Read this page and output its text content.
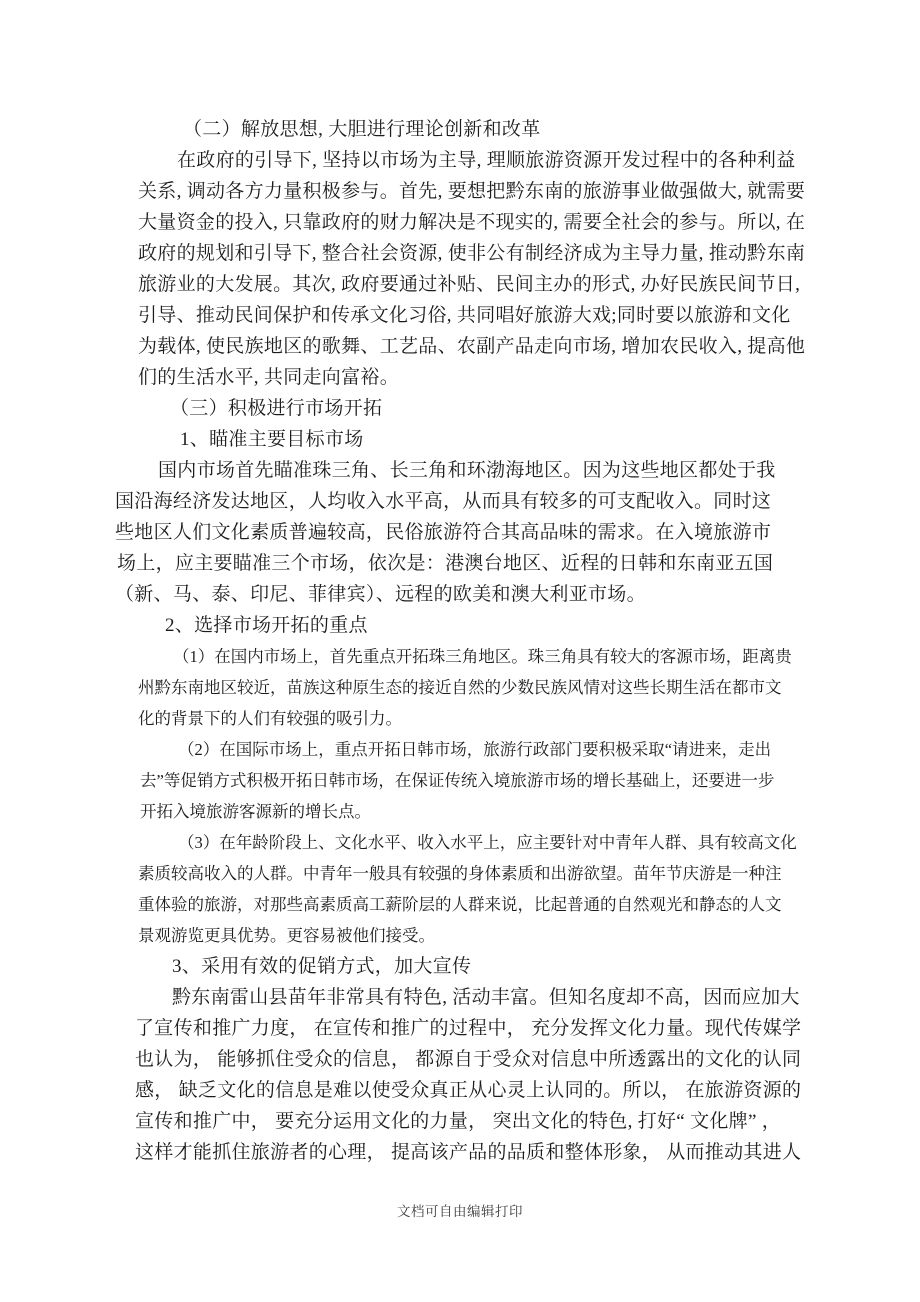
（二）解放思想, 大胆进行理论创新和改革
在政府的引导下, 坚持以市场为主导, 理顺旅游资源开发过程中的各种利益
关系, 调动各方力量积极参与。首先, 要想把黔东南的旅游事业做强做大, 就需要
大量资金的投入, 只靠政府的财力解决是不现实的, 需要全社会的参与。所以, 在
政府的规划和引导下, 整合社会资源, 使非公有制经济成为主导力量, 推动黔东南
旅游业的大发展。其次, 政府要通过补贴、民间主办的形式, 办好民族民间节日,
引导、推动民间保护和传承文化习俗, 共同唱好旅游大戏;同时要以旅游和文化
为载体, 使民族地区的歌舞、工艺品、农副产品走向市场, 增加农民收入, 提高他
们的生活水平, 共同走向富裕。
（三）积极进行市场开拓
1、瞄准主要目标市场
国内市场首先瞄准珠三角、长三角和环渤海地区。因为这些地区都处于我
国沿海经济发达地区，人均收入水平高，从而具有较多的可支配收入。同时这
些地区人们文化素质普遍较高，民俗旅游符合其高品味的需求。在入境旅游市
场上，应主要瞄准三个市场，依次是：港澳台地区、近程的日韩和东南亚五国
（新、马、泰、印尼、菲律宾）、远程的欧美和澳大利亚市场。
2、选择市场开拓的重点
（1）在国内市场上，首先重点开拓珠三角地区。珠三角具有较大的客源市场，距离贵
州黔东南地区较近，苗族这种原生态的接近自然的少数民族风情对这些长期生活在都市文
化的背景下的人们有较强的吸引力。
（2）在国际市场上，重点开拓日韩市场，旅游行政部门要积极采取“请进来，走出
去”等促销方式积极开拓日韩市场，在保证传统入境旅游市场的增长基础上，还要进一步
开拓入境旅游客源新的增长点。
（3）在年龄阶段上、文化水平、收入水平上，应主要针对中青年人群、具有较高文化
素质较高收入的人群。中青年一般具有较强的身体素质和出游欲望。苗年节庆游是一种注
重体验的旅游，对那些高素质高工薪阶层的人群来说，比起普通的自然观光和静态的人文
景观游览更具优势。更容易被他们接受。
3、采用有效的促销方式，加大宣传
黔东南雷山县苗年非常具有特色, 活动丰富。但知名度却不高，因而应加大
了宣传和推广力度， 在宣传和推广的过程中， 充分发挥文化力量。现代传媒学
也认为， 能够抓住受众的信息， 都源自于受众对信息中所透露出的文化的认同
感， 缺乏文化的信息是难以使受众真正从心灵上认同的。所以， 在旅游资源的
宣传和推广中， 要充分运用文化的力量， 突出文化的特色, 打好“ 文化牌” ，
这样才能抓住旅游者的心理， 提高该产品的品质和整体形象， 从而推动其进人
文档可自由编辑打印
